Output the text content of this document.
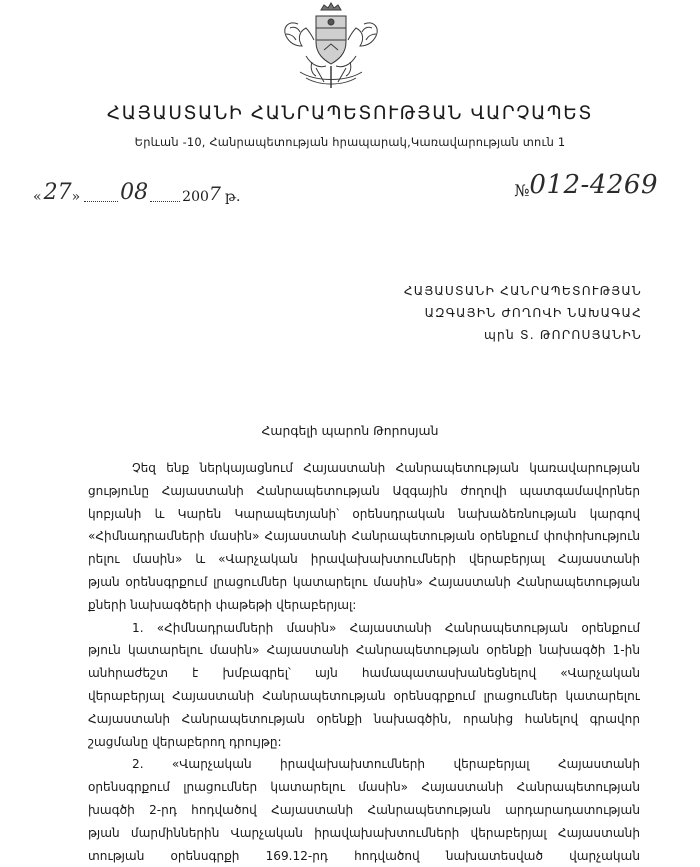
ՀԱՅԱՍՏԱՆԻ ՀԱՆՐԱՊԵՏՈՒԹՅԱՆ ՎԱՐՉԱՊԵՏ
Երևան -10, Հանրապետության հրապարակ,Կառավարության տուն 1
« 27 » 08 200 7 թ.	№ 012-4269
ՀԱՅԱՍՏԱՆԻ ՀԱՆՐԱՊԵՏՈՒԹՅԱՆ
ԱԶԳԱՅԻՆ ԺՈՂՈՎԻ ՆԱԽԱԳԱՀ
պրն Տ. ԹՈՐՈՍՅԱՆԻՆ
Հարգելի պարոն Թորոսյան
Չեզ ենք ներկայացնում Հայաստանի Հանրապետության կառավարության
ցությունը Հայաստանի Հանրապետության Ազգային ժողովի պատգամավորներ
կոբյանի և Կարեն Կարապետյանի՝ օրենսդրական նախաձեռնության կարգով
«Հիմնադրամների մասին» Հայաստանի Հանրապետության օրենքում փոփոխություն
րելու մասին» և «Վարչական իրավախախտումների վերաբերյալ Հայաստանի
թյան օրենսգրքում լրացումներ կատարելու մասին» Հայաստանի Հանրապետության
քների նախագծերի փաթեթի վերաբերյալ:
1. «Հիմնադրամների մասին» Հայաստանի Հանրապետության օրենքում
թյուն կատարելու մասին» Հայաստանի Հանրապետության օրենքի նախագծի 1-ին
անհրաժեշտ է խմբագրել՝ այն համապատասխանեցնելով «Վարչական
վերաբերյալ Հայաստանի Հանրապետության օրենսգրքում լրացումներ կատարելու
Հայաստանի Հանրապետության օրենքի նախագծին, որանից հանելով գրավոր
շացմանը վերաբերող դրույթը:
2. «Վարչական իրավախախտումների վերաբերյալ Հայաստանի
օրենսգրքում լրացումներ կատարելու մասին» Հայաստանի Հանրապետության
խագծի 2-րդ հոդվածով Հայաստանի Հանրապետության արդարադատության
թյան մարմիններին Վարչական իրավախախտումների վերաբերյալ Հայաստանի
տության օրենսգրքի 169.12-րդ հոդվածով նախատեսված վարչական
